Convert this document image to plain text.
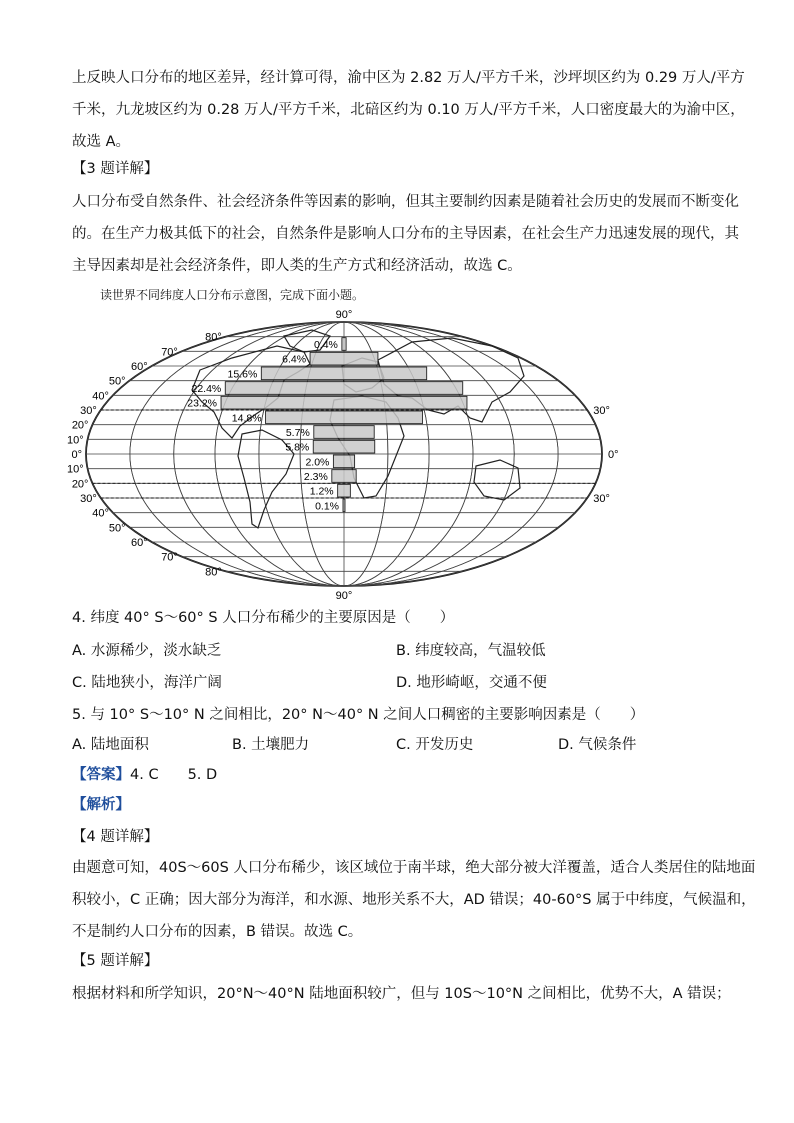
上反映人口分布的地区差异，经计算可得，渝中区为 2.82 万人/平方千米，沙坪坝区约为 0.29 万人/平方
千米，九龙坡区约为 0.28 万人/平方千米，北碚区约为 0.10 万人/平方千米，人口密度最大的为渝中区，
故选 A。
【3 题详解】
人口分布受自然条件、社会经济条件等因素的影响，但其主要制约因素是随着社会历史的发展而不断变化
的。在生产力极其低下的社会，自然条件是影响人口分布的主导因素，在社会生产力迅速发展的现代，其
主导因素却是社会经济条件，即人类的生产方式和经济活动，故选 C。
读世界不同纬度人口分布示意图，完成下面小题。
0.4%
6.4%
15.6%
22.4%
23.2%
14.8%
5.7%
5.8%
2.0%
2.3%
1.2%
0.1%
80°
70°
60°
50°
40°
30°
20°
10°
0°
10°
20°
30°
40°
50°
60°
70°
80°
90°
90°
30°
0°
30°
4. 纬度 40° S～60° S 人口分布稀少的主要原因是（　　）
A. 水源稀少，淡水缺乏	B. 纬度较高，气温较低
C. 陆地狭小，海洋广阔	D. 地形崎岖，交通不便
5. 与 10° S～10° N 之间相比，20° N～40° N 之间人口稠密的主要影响因素是（　　）
A. 陆地面积	B. 土壤肥力	C. 开发历史	D. 气候条件
【答案】4. C　　5. D
【解析】
【4 题详解】
由题意可知，40S～60S 人口分布稀少，该区域位于南半球，绝大部分被大洋覆盖，适合人类居住的陆地面
积较小，C 正确；因大部分为海洋，和水源、地形关系不大，AD 错误；40-60°S 属于中纬度，气候温和，
不是制约人口分布的因素，B 错误。故选 C。
【5 题详解】
根据材料和所学知识，20°N～40°N 陆地面积较广，但与 10S～10°N 之间相比，优势不大，A 错误；
